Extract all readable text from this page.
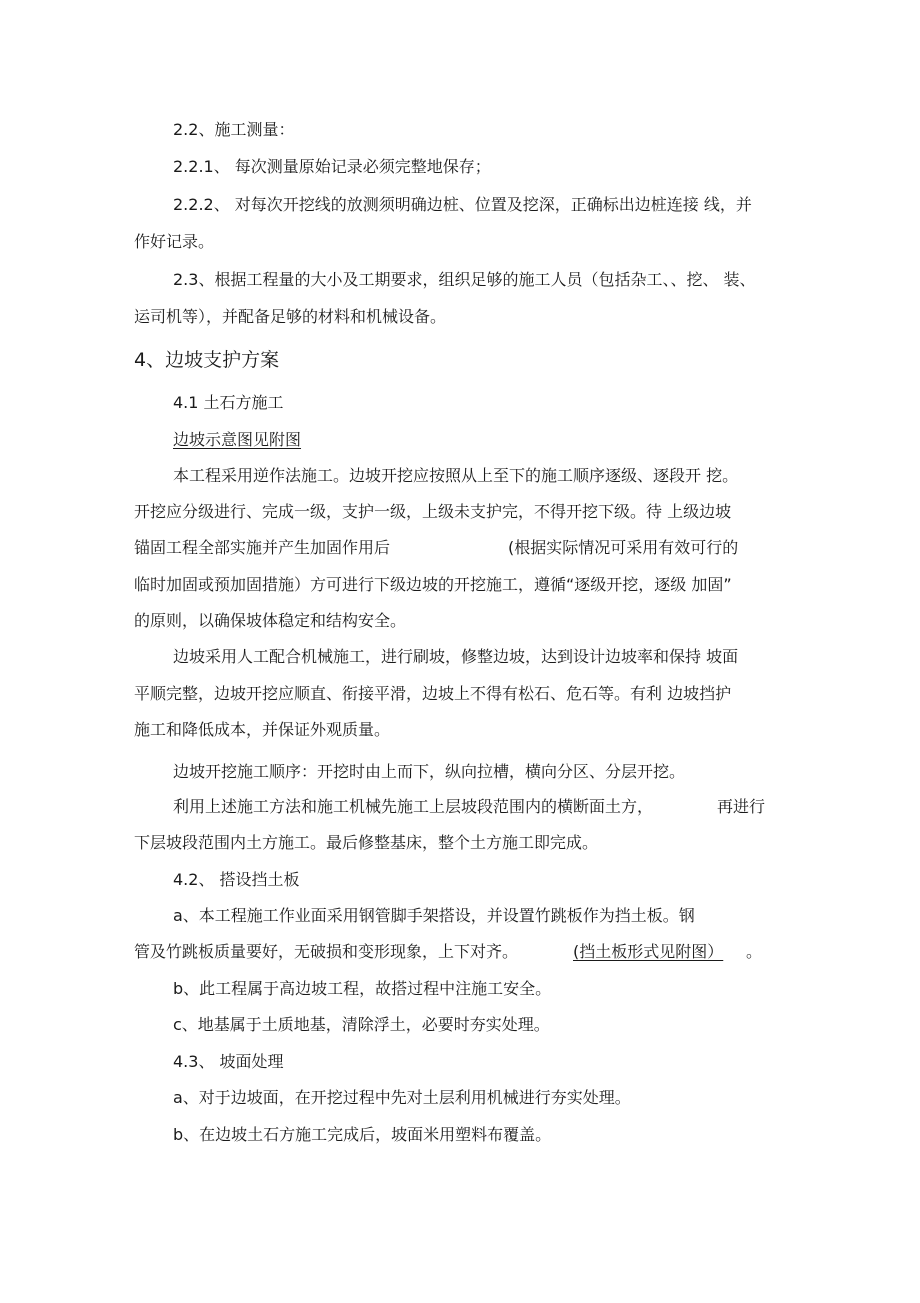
2.2、施工测量：
2.2.1、 每次测量原始记录必须完整地保存；
2.2.2、 对每次开挖线的放测须明确边桩、位置及挖深，正确标出边桩连接 线，并
作好记录。
2.3、根据工程量的大小及工期要求，组织足够的施工人员（包括杂工、、挖、 装、
运司机等），并配备足够的材料和机械设备。
4、边坡支护方案
4.1 土石方施工
边坡示意图见附图
本工程采用逆作法施工。边坡开挖应按照从上至下的施工顺序逐级、逐段开 挖。
开挖应分级进行、完成一级，支护一级，上级未支护完，不得开挖下级。待 上级边坡
锚固工程全部实施并产生加固作用后	(根据实际情况可采用有效可行的
临时加固或预加固措施）方可进行下级边坡的开挖施工，遵循“逐级开挖，逐级 加固”
的原则，以确保坡体稳定和结构安全。
边坡采用人工配合机械施工，进行刷坡，修整边坡，达到设计边坡率和保持 坡面
平顺完整，边坡开挖应顺直、衔接平滑，边坡上不得有松石、危石等。有利 边坡挡护
施工和降低成本，并保证外观质量。
边坡开挖施工顺序：开挖时由上而下，纵向拉槽，横向分区、分层开挖。
利用上述施工方法和施工机械先施工上层坡段范围内的横断面土方，	再进行
下层坡段范围内土方施工。最后修整基床，整个土方施工即完成。
4.2、 搭设挡土板
a、本工程施工作业面采用钢管脚手架搭设，并设置竹跳板作为挡土板。钢
管及竹跳板质量要好，无破损和变形现象，上下对齐。	(挡土板形式见附图） 。
b、此工程属于高边坡工程，故搭过程中注施工安全。
c、地基属于土质地基，清除浮土，必要时夯实处理。
4.3、 坡面处理
a、对于边坡面，在开挖过程中先对土层利用机械进行夯实处理。
b、在边坡土石方施工完成后，坡面米用塑料布覆盖。
